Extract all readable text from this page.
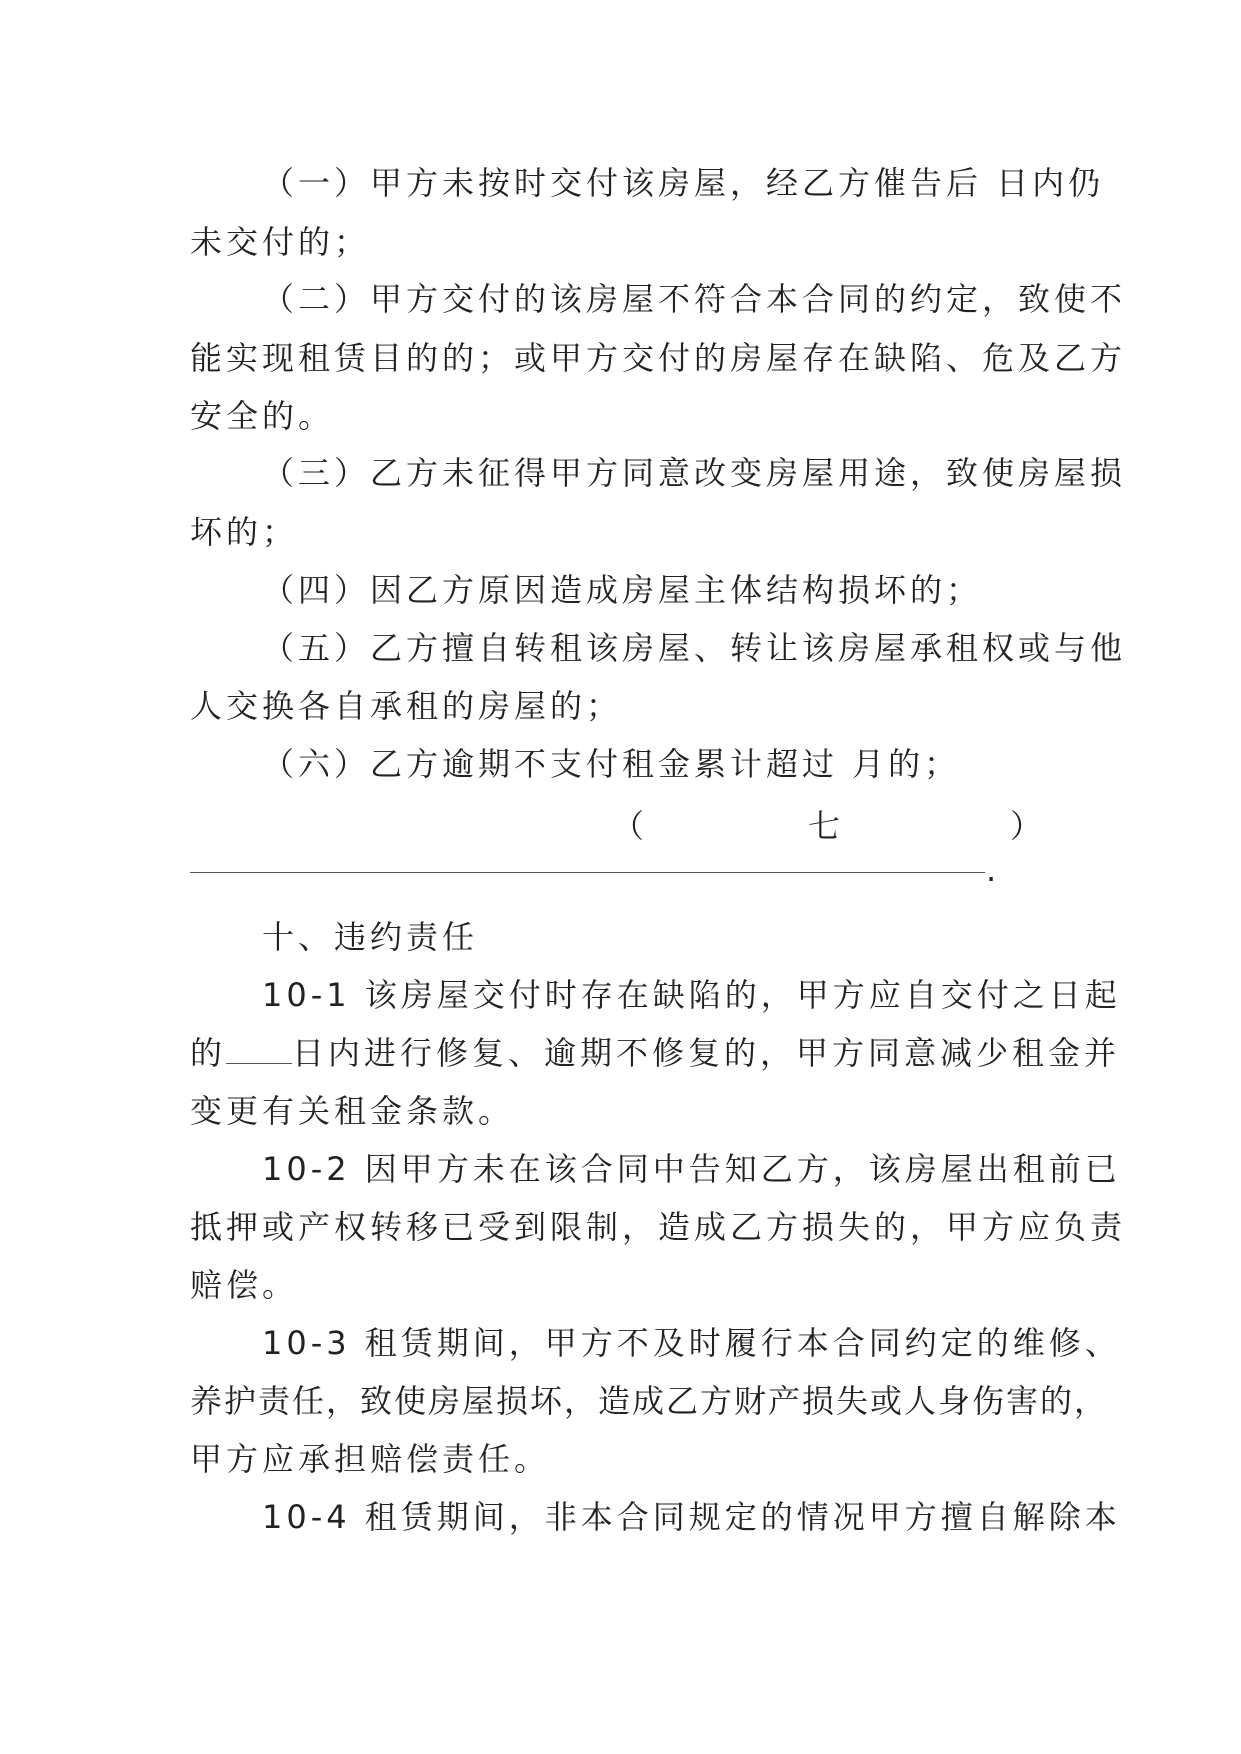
（一）甲方未按时交付该房屋，经乙方催告后 日内仍
未交付的；
（二）甲方交付的该房屋不符合本合同的约定，致使不
能实现租赁目的的；或甲方交付的房屋存在缺陷、危及乙方
安全的。
（三）乙方未征得甲方同意改变房屋用途，致使房屋损
坏的；
（四）因乙方原因造成房屋主体结构损坏的；
（五）乙方擅自转租该房屋、转让该房屋承租权或与他
人交换各自承租的房屋的；
（六）乙方逾期不支付租金累计超过 月的；
（	七	）
.
十、违约责任
10-1 该房屋交付时存在缺陷的，甲方应自交付之日起
的 日内进行修复、逾期不修复的，甲方同意减少租金并
变更有关租金条款。
10-2 因甲方未在该合同中告知乙方，该房屋出租前已
抵押或产权转移已受到限制，造成乙方损失的，甲方应负责
赔偿。
10-3 租赁期间，甲方不及时履行本合同约定的维修、
养护责任，致使房屋损坏，造成乙方财产损失或人身伤害的，
甲方应承担赔偿责任。
10-4 租赁期间，非本合同规定的情况甲方擅自解除本
